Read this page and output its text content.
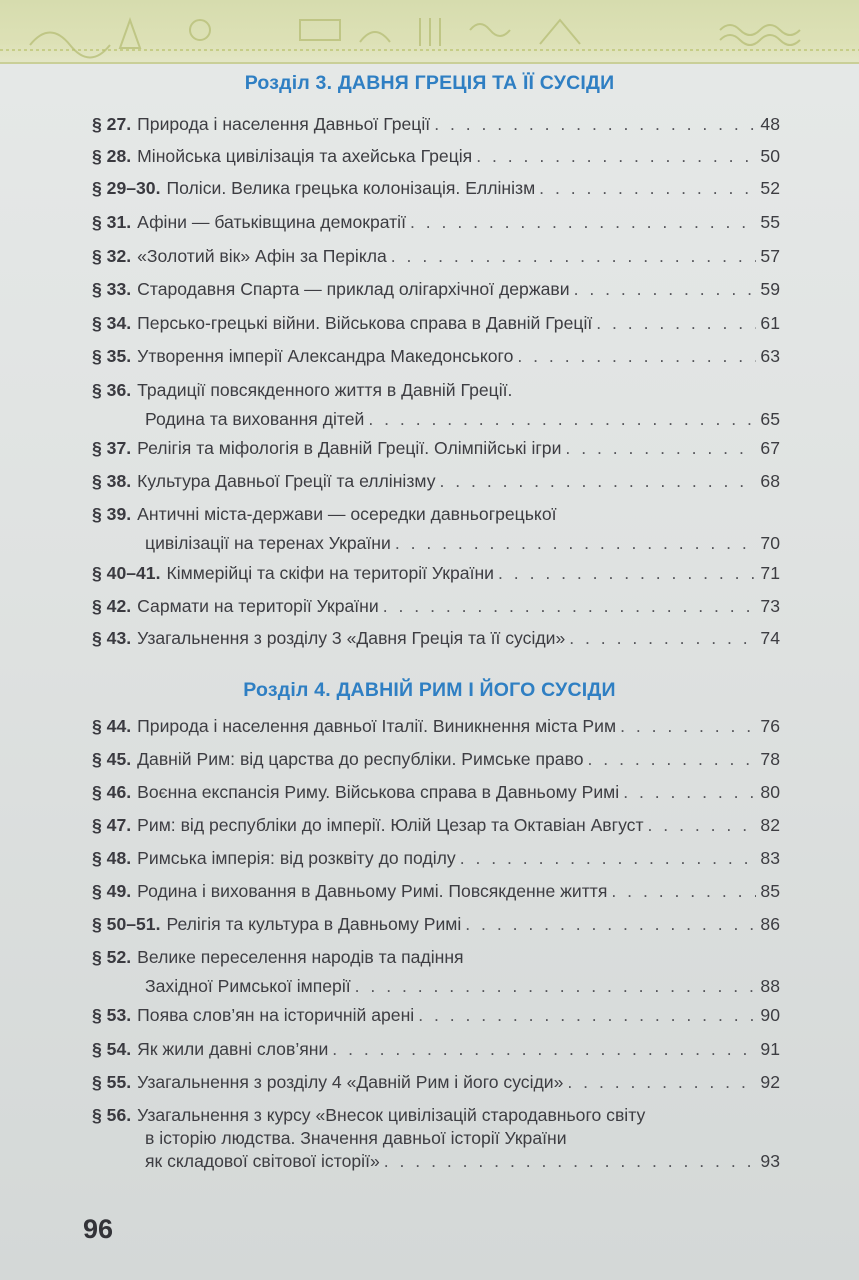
Розділ 3. ДАВНЯ ГРЕЦІЯ ТА ЇЇ СУСІДИ
§ 27. Природа і населення Давньої Греції . . .	48
§ 28. Мінойська цивілізація та ахейська Греція . . .	50
§ 29–30. Поліси. Велика грецька колонізація. Еллінізм . . .	52
§ 31. Афіни — батьківщина демократії . . .	55
§ 32. «Золотий вік» Афін за Перікла . . .	57
§ 33. Стародавня Спарта — приклад олігархічної держави . . .	59
§ 34. Персько-грецькі війни. Військова справа в Давній Греції . . .	61
§ 35. Утворення імперії Александра Македонського . . .	63
§ 36. Традиції повсякденного життя в Давній Греції.
Родина та виховання дітей . . .	65
§ 37. Релігія та міфологія в Давній Греції. Олімпійські ігри . . .	67
§ 38. Культура Давньої Греції та еллінізму . . .	68
§ 39. Античні міста-держави — осередки давньогрецької
цивілізації на теренах України . . .	70
§ 40–41. Кіммерійці та скіфи на території України . . .	71
§ 42. Сармати на території України . . .	73
§ 43. Узагальнення з розділу 3 «Давня Греція та її сусіди» . . .	74
Розділ 4. ДАВНІЙ РИМ І ЙОГО СУСІДИ
§ 44. Природа і населення давньої Італії. Виникнення міста Рим . . .	76
§ 45. Давній Рим: від царства до республіки. Римське право . . .	78
§ 46. Воєнна експансія Риму. Військова справа в Давньому Римі . . .	80
§ 47. Рим: від республіки до імперії. Юлій Цезар та Октавіан Август . . .	82
§ 48. Римська імперія: від розквіту до поділу . . .	83
§ 49. Родина і виховання в Давньому Римі. Повсякденне життя . . .	85
§ 50–51. Релігія та культура в Давньому Римі . . .	86
§ 52. Велике переселення народів та падіння
Західної Римської імперії . . .	88
§ 53. Поява слов’ян на історичній арені . . .	90
§ 54. Як жили давні слов’яни . . .	91
§ 55. Узагальнення з розділу 4 «Давній Рим і його сусіди» . . .	92
§ 56. Узагальнення з курсу «Внесок цивілізацій стародавнього світу
в історію людства. Значення давньої історії України
як складової світової історії» . . .	93
96
